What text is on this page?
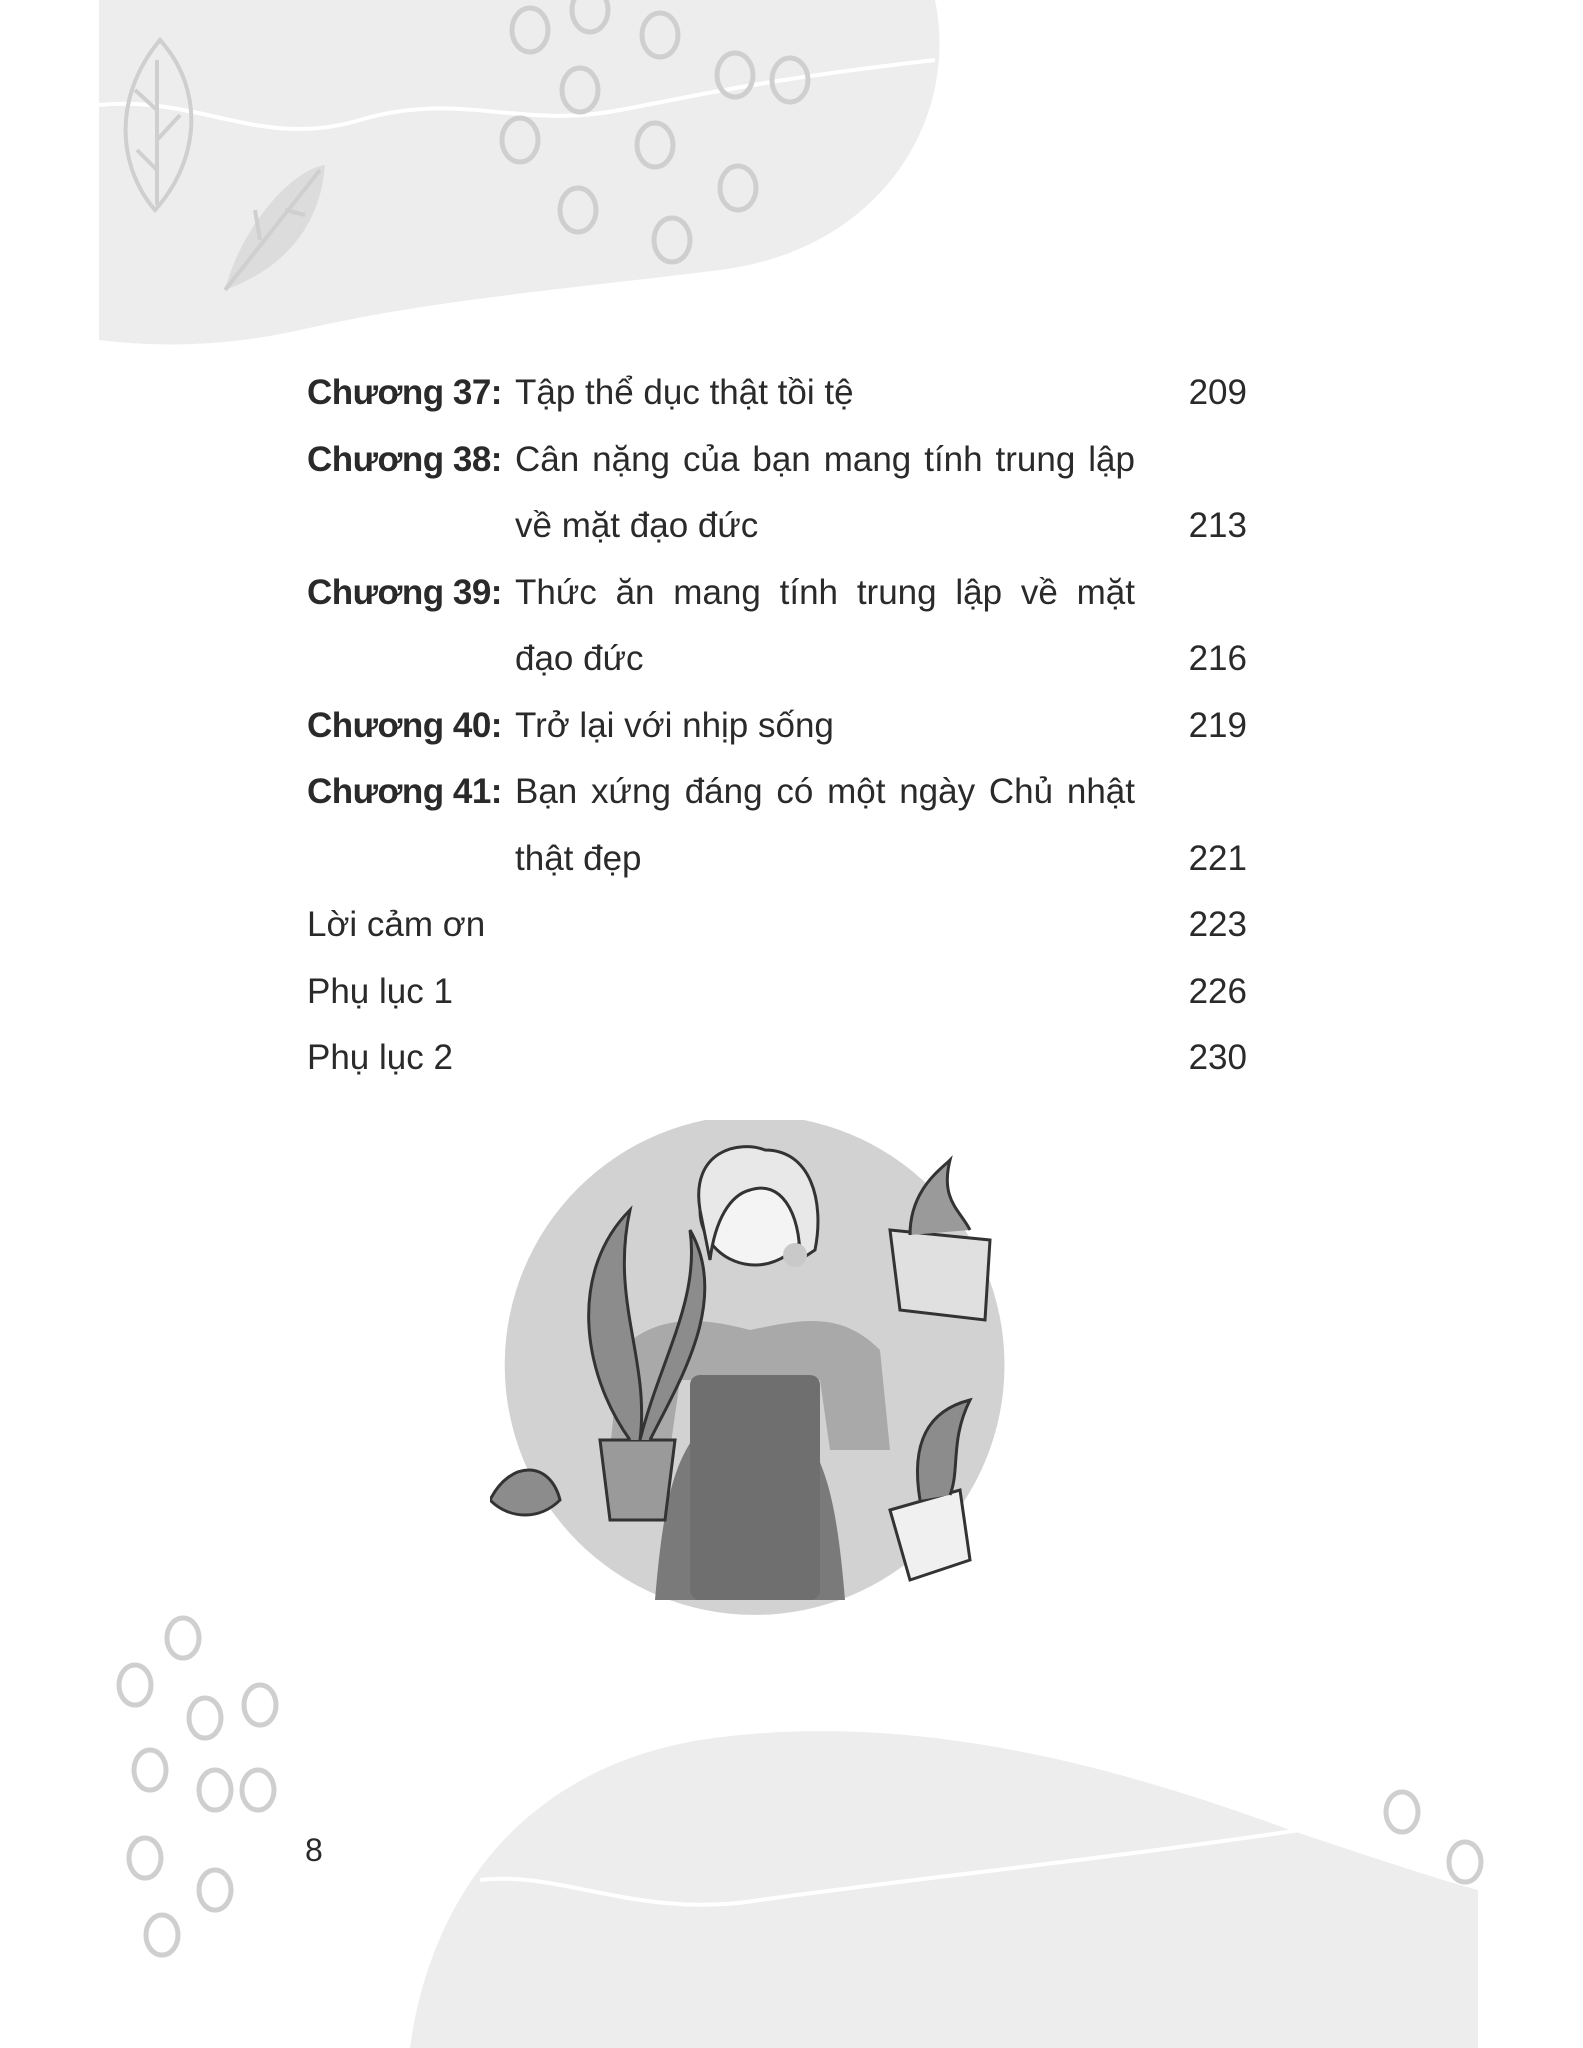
Chương 37: Tập thể dục thật tồi tệ	209
Chương 38: Cân nặng của bạn mang tính trung lập
về mặt đạo đức	213
Chương 39: Thức ăn mang tính trung lập về mặt
đạo đức	216
Chương 40: Trở lại với nhịp sống	219
Chương 41: Bạn xứng đáng có một ngày Chủ nhật
thật đẹp	221
Lời cảm ơn	223
Phụ lục 1	226
Phụ lục 2	230
8
